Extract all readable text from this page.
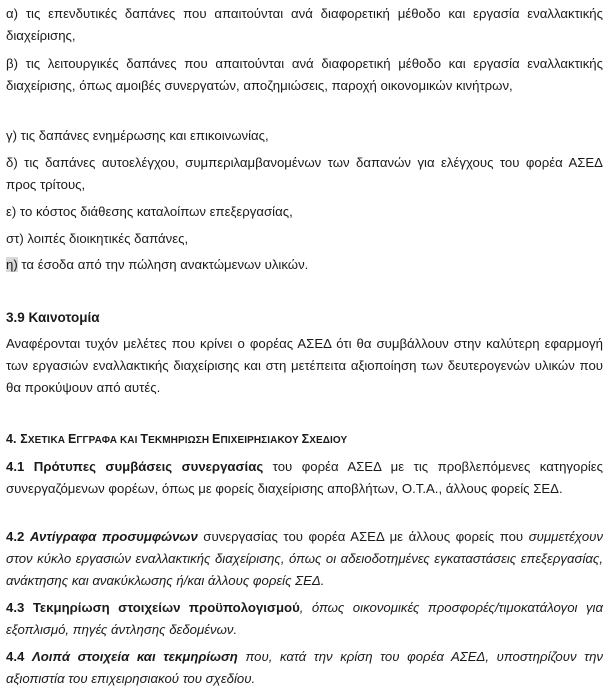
α) τις επενδυτικές δαπάνες που απαιτούνται ανά διαφορετική μέθοδο και εργασία εναλλακτικής διαχείρισης,

β) τις λειτουργικές δαπάνες που απαιτούνται ανά διαφορετική μέθοδο και εργασία εναλλακτικής διαχείρισης, όπως αμοιβές συνεργατών, αποζημιώσεις, παροχή οικονομικών κινήτρων,

γ) τις δαπάνες ενημέρωσης και επικοινωνίας,

δ) τις δαπάνες αυτοελέγχου, συμπεριλαμβανομένων των δαπανών για ελέγχους του φορέα ΑΣΕΔ προς τρίτους,

ε) το κόστος διάθεσης καταλοίπων επεξεργασίας,

στ) λοιπές διοικητικές δαπάνες,

η) τα έσοδα από την πώληση ανακτώμενων υλικών.

3.9 Καινοτομία

Αναφέρονται τυχόν μελέτες που κρίνει ο φορέας ΑΣΕΔ ότι θα συμβάλλουν στην καλύτερη εφαρμογή των εργασιών εναλλακτικής διαχείρισης και στη μετέπειτα αξιοποίηση των δευτερογενών υλικών που θα προκύψουν από αυτές.

4. ΣΧΕΤΙΚΑ ΕΓΓΡΑΦΑ ΚΑΙ ΤΕΚΜΗΡΙΩΣΗ ΕΠΙΧΕΙΡΗΣΙΑΚΟΥ ΣΧΕΔΙΟΥ

4.1 Πρότυπες συμβάσεις συνεργασίας του φορέα ΑΣΕΔ με τις προβλεπόμενες κατηγορίες συνεργαζόμενων φορέων, όπως με φορείς διαχείρισης αποβλήτων, Ο.Τ.Α., άλλους φορείς ΣΕΔ.

4.2 Αντίγραφα προσυμφώνων συνεργασίας του φορέα ΑΣΕΔ με άλλους φορείς που συμμετέχουν στον κύκλο εργασιών εναλλακτικής διαχείρισης, όπως οι αδειοδοτημένες εγκαταστάσεις επεξεργασίας, ανάκτησης και ανακύκλωσης ή/και άλλους φορείς ΣΕΔ.

4.3 Τεκμηρίωση στοιχείων προϋπολογισμού, όπως οικονομικές προσφορές/τιμοκατάλογοι για εξοπλισμό, πηγές άντλησης δεδομένων.

4.4 Λοιπά στοιχεία και τεκμηρίωση που, κατά την κρίση του φορέα ΑΣΕΔ, υποστηρίζουν την αξιοπιστία του επιχειρησιακού του σχεδίου.
